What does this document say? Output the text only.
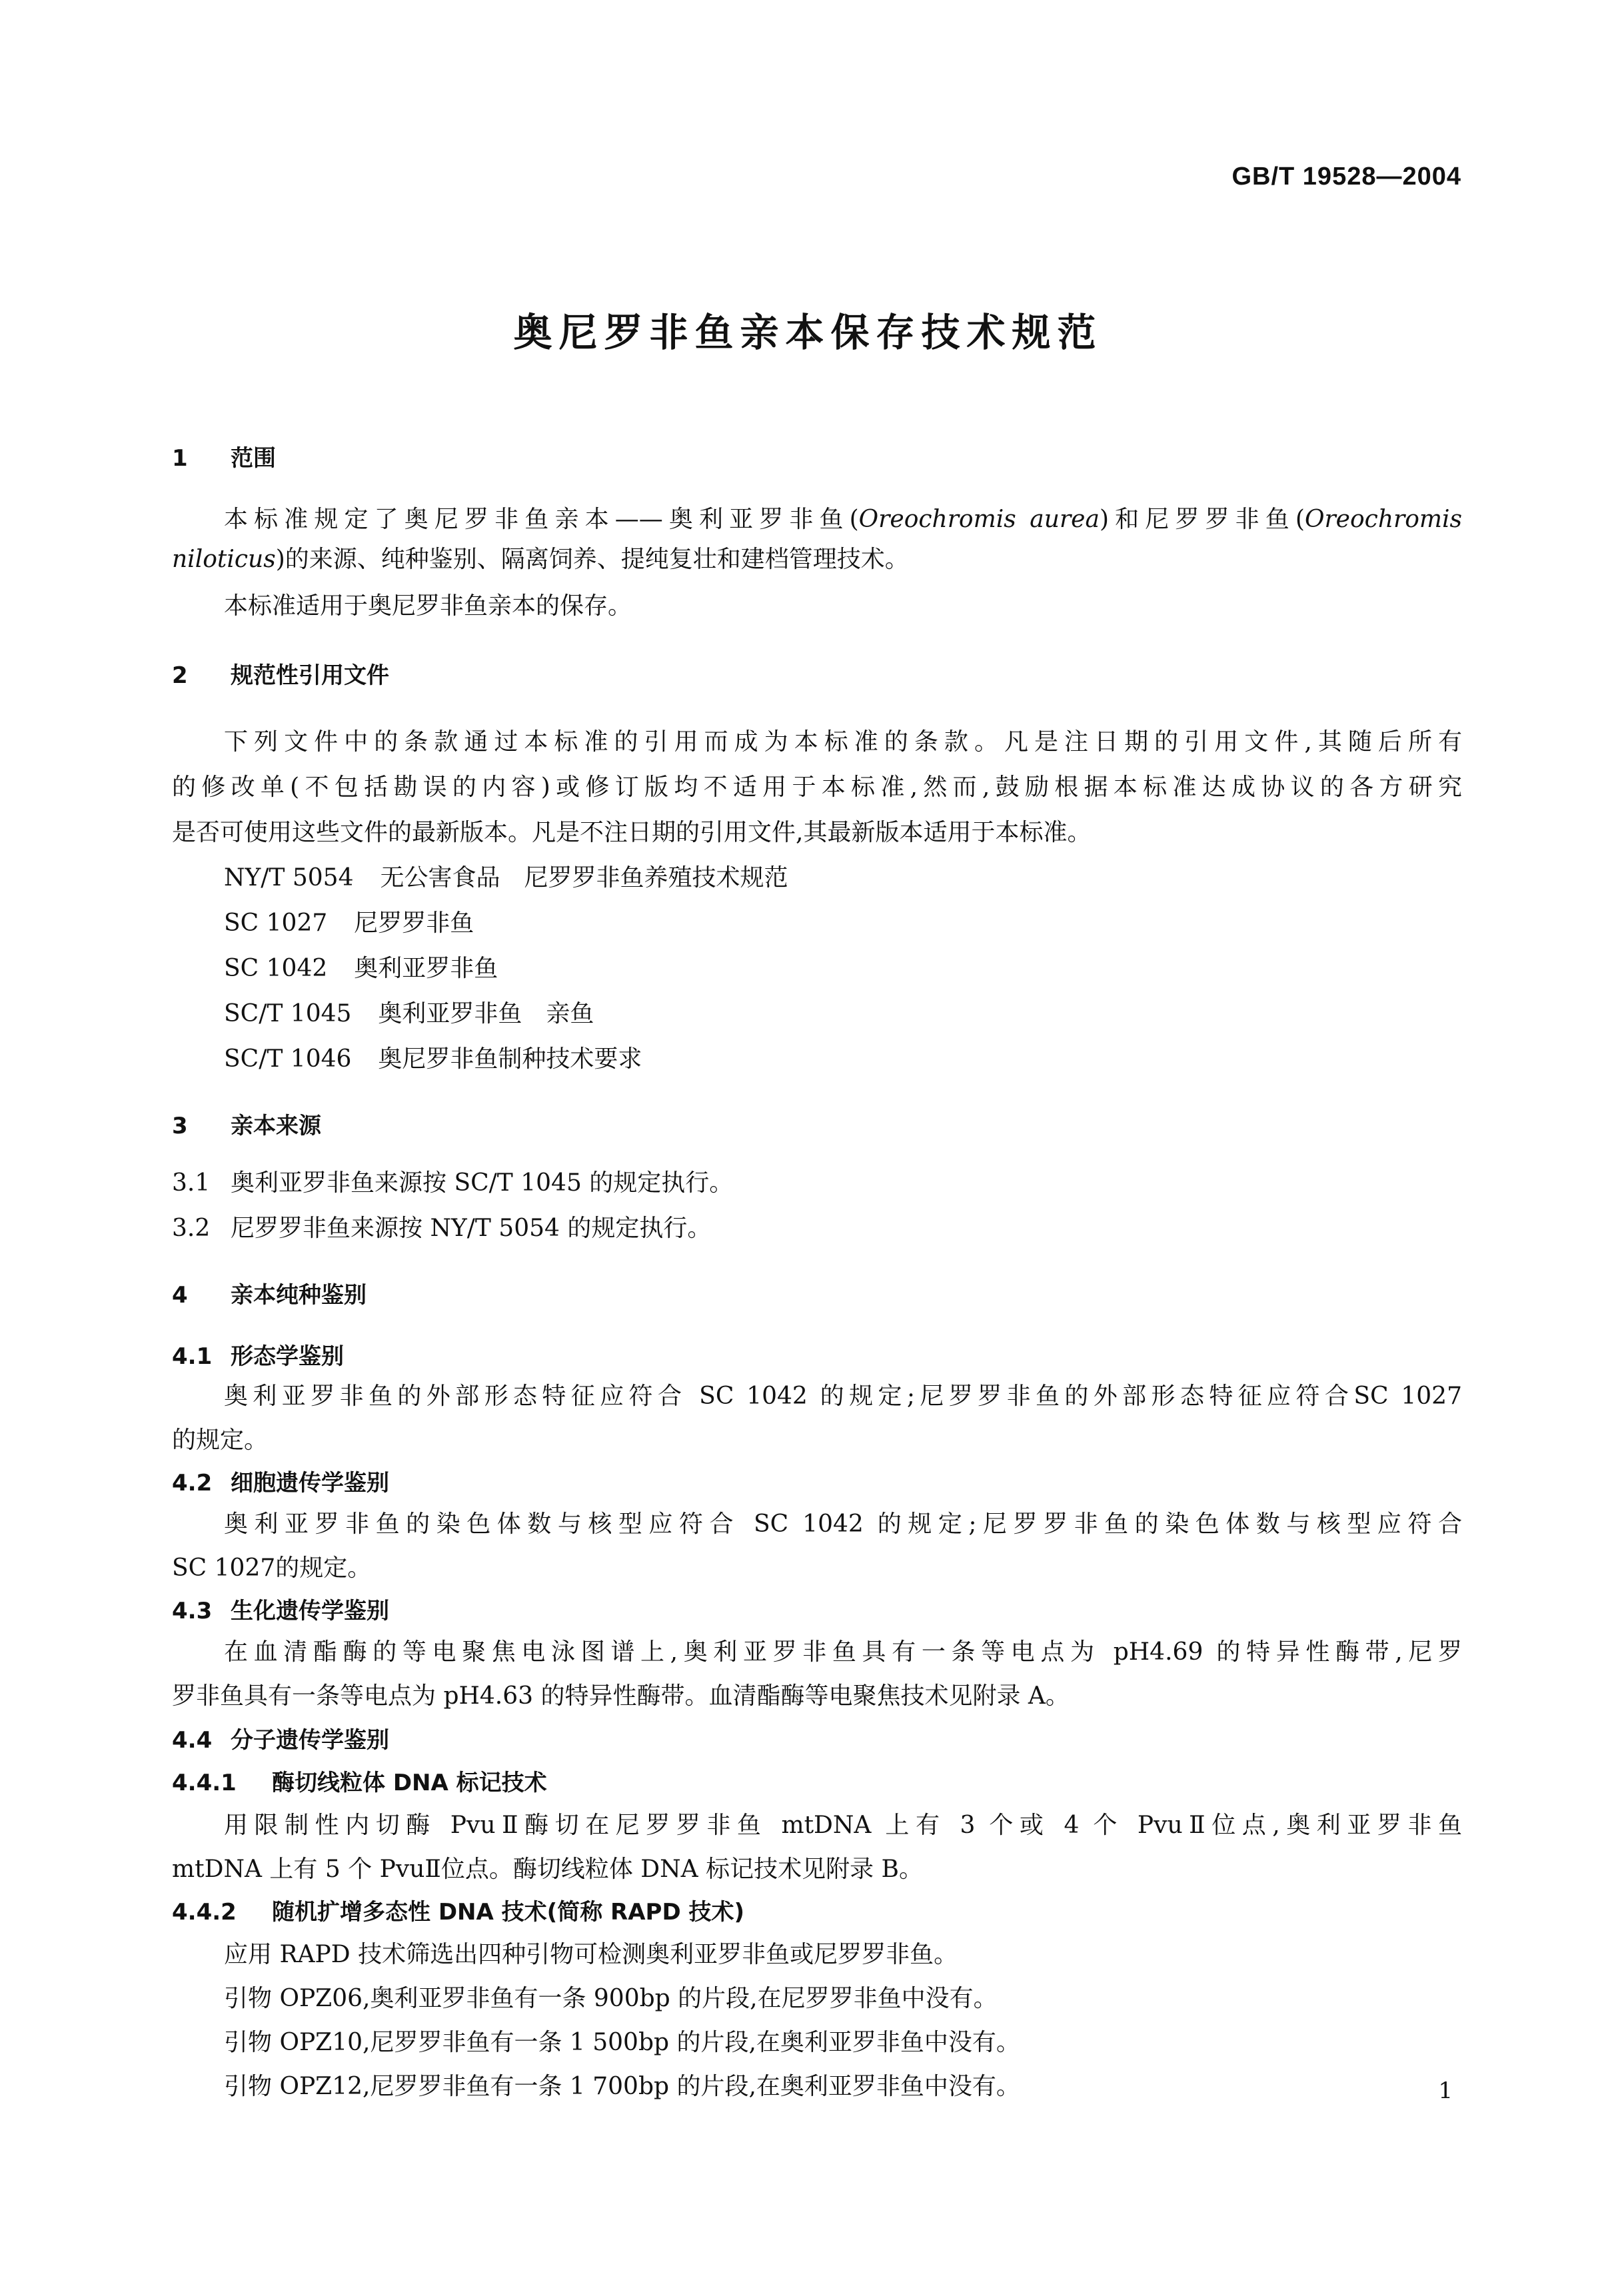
GB/T 19528—2004
奥尼罗非鱼亲本保存技术规范
1 范围
本标准规定了奥尼罗非鱼亲本——奥利亚罗非鱼(Oreochromis aurea)和尼罗罗非鱼(Oreochromis
niloticus)的来源、纯种鉴别、隔离饲养、提纯复壮和建档管理技术。
本标准适用于奥尼罗非鱼亲本的保存。
2 规范性引用文件
下列文件中的条款通过本标准的引用而成为本标准的条款。凡是注日期的引用文件,其随后所有
的修改单(不包括勘误的内容)或修订版均不适用于本标准,然而,鼓励根据本标准达成协议的各方研究
是否可使用这些文件的最新版本。凡是不注日期的引用文件,其最新版本适用于本标准。
NY/T 5054 无公害食品　尼罗罗非鱼养殖技术规范
SC 1027 尼罗罗非鱼
SC 1042 奥利亚罗非鱼
SC/T 1045 奥利亚罗非鱼　亲鱼
SC/T 1046 奥尼罗非鱼制种技术要求
3 亲本来源
3.1 奥利亚罗非鱼来源按 SC/T 1045 的规定执行。
3.2 尼罗罗非鱼来源按 NY/T 5054 的规定执行。
4 亲本纯种鉴别
4.1 形态学鉴别
奥利亚罗非鱼的外部形态特征应符合 SC 1042 的规定;尼罗罗非鱼的外部形态特征应符合SC 1027
的规定。
4.2 细胞遗传学鉴别
奥利亚罗非鱼的染色体数与核型应符合 SC 1042 的规定;尼罗罗非鱼的染色体数与核型应符合
SC 1027的规定。
4.3 生化遗传学鉴别
在血清酯酶的等电聚焦电泳图谱上,奥利亚罗非鱼具有一条等电点为 pH4.69 的特异性酶带,尼罗
罗非鱼具有一条等电点为 pH4.63 的特异性酶带。血清酯酶等电聚焦技术见附录 A。
4.4 分子遗传学鉴别
4.4.1 酶切线粒体 DNA 标记技术
用限制性内切酶 PvuⅡ酶切在尼罗罗非鱼 mtDNA 上有 3 个或 4 个 PvuⅡ位点,奥利亚罗非鱼
mtDNA 上有 5 个 PvuⅡ位点。酶切线粒体 DNA 标记技术见附录 B。
4.4.2 随机扩增多态性 DNA 技术(简称 RAPD 技术)
应用 RAPD 技术筛选出四种引物可检测奥利亚罗非鱼或尼罗罗非鱼。
引物 OPZ06,奥利亚罗非鱼有一条 900bp 的片段,在尼罗罗非鱼中没有。
引物 OPZ10,尼罗罗非鱼有一条 1 500bp 的片段,在奥利亚罗非鱼中没有。
引物 OPZ12,尼罗罗非鱼有一条 1 700bp 的片段,在奥利亚罗非鱼中没有。	1
